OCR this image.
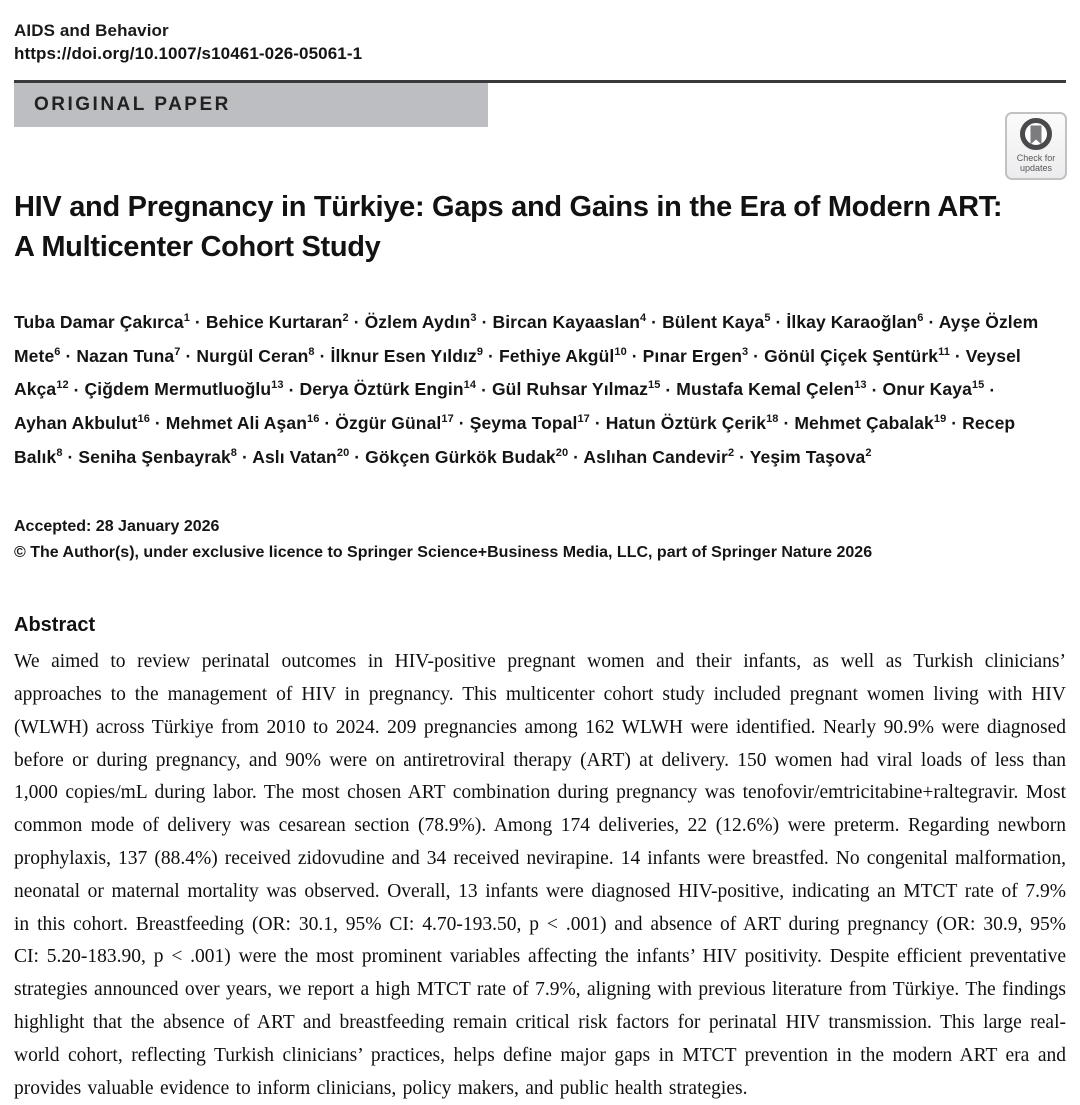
AIDS and Behavior
https://doi.org/10.1007/s10461-026-05061-1
ORIGINAL PAPER
Check for
updates
HIV and Pregnancy in Türkiye: Gaps and Gains in the Era of Modern ART: A Multicenter Cohort Study
Tuba Damar Çakırca$^1$ · Behice Kurtaran$^2$ · Özlem Aydın$^3$ · Bircan Kayaaslan$^4$ · Bülent Kaya$^5$ · İlkay Karaoğlan$^6$ · Ayşe Özlem Mete$^6$ · Nazan Tuna$^7$ · Nurgül Ceran$^8$ · İlknur Esen Yıldız$^9$ · Fethiye Akgül$^{10}$ · Pınar Ergen$^3$ · Gönül Çiçek Şentürk$^{11}$ · Veysel Akça$^{12}$ · Çiğdem Mermutluoğlu$^{13}$ · Derya Öztürk Engin$^{14}$ · Gül Ruhsar Yılmaz$^{15}$ · Mustafa Kemal Çelen$^{13}$ · Onur Kaya$^{15}$ · Ayhan Akbulut$^{16}$ · Mehmet Ali Aşan$^{16}$ · Özgür Günal$^{17}$ · Şeyma Topal$^{17}$ · Hatun Öztürk Çerik$^{18}$ · Mehmet Çabalak$^{19}$ · Recep Balık$^8$ · Seniha Şenbayrak$^8$ · Aslı Vatan$^{20}$ · Gökçen Gürkök Budak$^{20}$ · Aslıhan Candevir$^2$ · Yeşim Taşova$^2$
Accepted: 28 January 2026
© The Author(s), under exclusive licence to Springer Science+Business Media, LLC, part of Springer Nature 2026
Abstract
We aimed to review perinatal outcomes in HIV-positive pregnant women and their infants, as well as Turkish clinicians’ approaches to the management of HIV in pregnancy. This multicenter cohort study included pregnant women living with HIV (WLWH) across Türkiye from 2010 to 2024. 209 pregnancies among 162 WLWH were identified. Nearly 90.9% were diagnosed before or during pregnancy, and 90% were on antiretroviral therapy (ART) at delivery. 150 women had viral loads of less than 1,000 copies/mL during labor. The most chosen ART combination during pregnancy was tenofovir/emtricitabine+raltegravir. Most common mode of delivery was cesarean section (78.9%). Among 174 deliveries, 22 (12.6%) were preterm. Regarding newborn prophylaxis, 137 (88.4%) received zidovudine and 34 received nevirapine. 14 infants were breastfed. No congenital malformation, neonatal or maternal mortality was observed. Overall, 13 infants were diagnosed HIV-positive, indicating an MTCT rate of 7.9% in this cohort. Breastfeeding (OR: 30.1, 95% CI: 4.70-193.50, p < .001) and absence of ART during pregnancy (OR: 30.9, 95% CI: 5.20-183.90, p < .001) were the most prominent variables affecting the infants’ HIV positivity. Despite efficient preventative strategies announced over years, we report a high MTCT rate of 7.9%, aligning with previous literature from Türkiye. The findings highlight that the absence of ART and breastfeeding remain critical risk factors for perinatal HIV transmission. This large real-world cohort, reflecting Turkish clinicians’ practices, helps define major gaps in MTCT prevention in the modern ART era and provides valuable evidence to inform clinicians, policy makers, and public health strategies.
